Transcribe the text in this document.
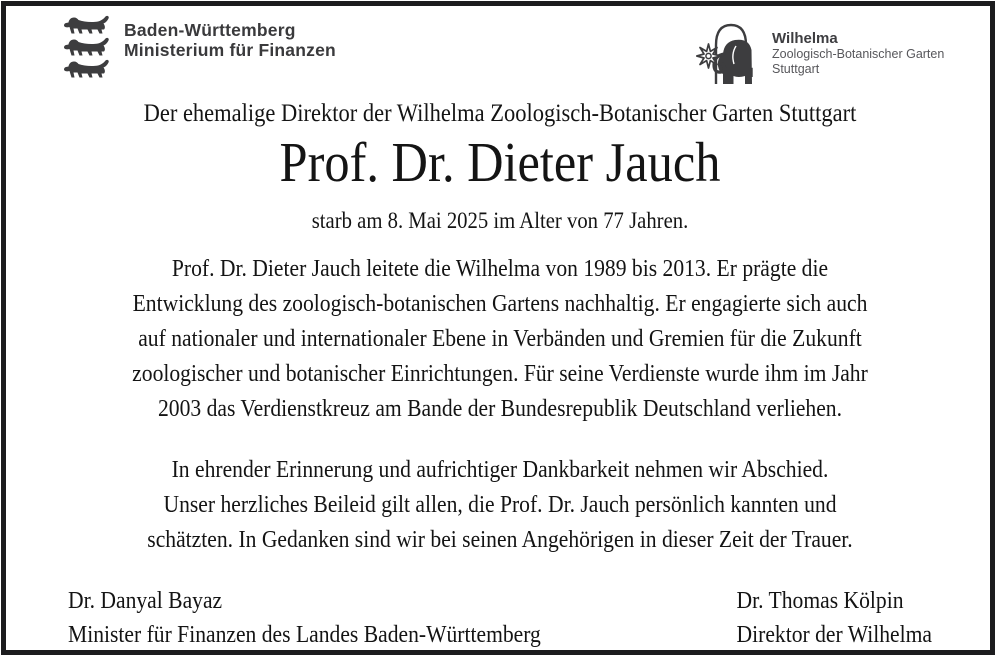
Baden-Württemberg
Ministerium für Finanzen
Wilhelma
Zoologisch-Botanischer Garten
Stuttgart
Der ehemalige Direktor der Wilhelma Zoologisch-Botanischer Garten Stuttgart
Prof. Dr. Dieter Jauch
starb am 8. Mai 2025 im Alter von 77 Jahren.
Prof. Dr. Dieter Jauch leitete die Wilhelma von 1989 bis 2013. Er prägte die
Entwicklung des zoologisch-botanischen Gartens nachhaltig. Er engagierte sich auch
auf nationaler und internationaler Ebene in Verbänden und Gremien für die Zukunft
zoologischer und botanischer Einrichtungen. Für seine Verdienste wurde ihm im Jahr
2003 das Verdienstkreuz am Bande der Bundesrepublik Deutschland verliehen.
In ehrender Erinnerung und aufrichtiger Dankbarkeit nehmen wir Abschied.
Unser herzliches Beileid gilt allen, die Prof. Dr. Jauch persönlich kannten und
schätzten. In Gedanken sind wir bei seinen Angehörigen in dieser Zeit der Trauer.
Dr. Danyal Bayaz
Minister für Finanzen des Landes Baden-Württemberg
Dr. Thomas Kölpin
Direktor der Wilhelma
